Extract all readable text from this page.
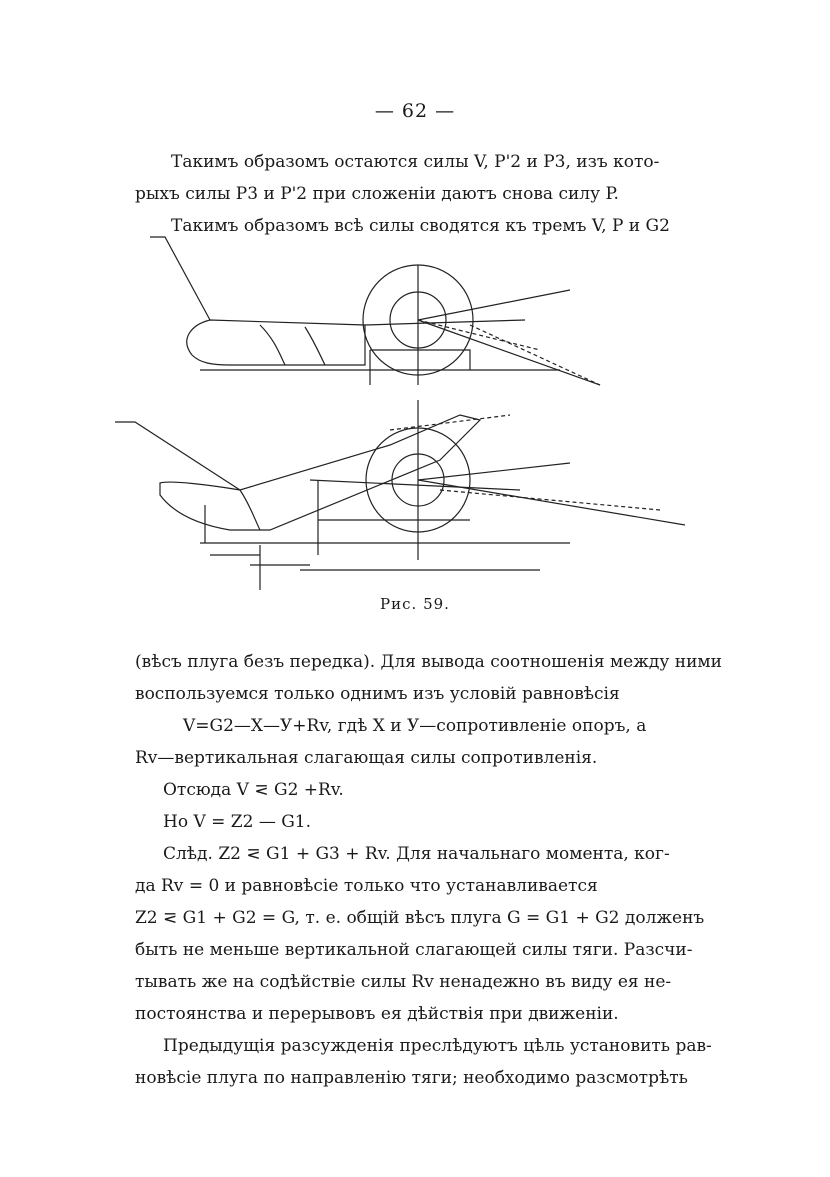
— 62 —
Такимъ образомъ остаются силы V, P'2 и P3, изъ кото-
рыхъ силы P3 и P'2 при сложеніи даютъ снова силу P.
Такимъ образомъ всѣ силы сводятся къ тремъ V, P и G2
Рис. 59.
(вѣсъ плуга безъ передка). Для вывода соотношенія между ними
воспользуемся только однимъ изъ условій равновѣсія
V=G2—X—У+Rv, гдѣ X и У—сопротивленіе опоръ, а
Rv—вертикальная слагающая силы сопротивленія.
Отсюда V ⋜ G2 +Rv.
Но V = Z2 — G1.
Слѣд. Z2 ⋜ G1 + G3 + Rv. Для начальнаго момента, ког-
да Rv = 0 и равновѣсіе только что устанавливается
Z2 ⋜ G1 + G2 = G, т. е. общій вѣсъ плуга G = G1 + G2 долженъ
быть не меньше вертикальной слагающей силы тяги. Разсчи-
тывать же на содѣйствіе силы Rv ненадежно въ виду ея не-
постоянства и перерывовъ ея дѣйствія при движеніи.
Предыдущія разсужденія преслѣдуютъ цѣль установить рав-
новѣсіе плуга по направленію тяги; необходимо разсмотрѣть
